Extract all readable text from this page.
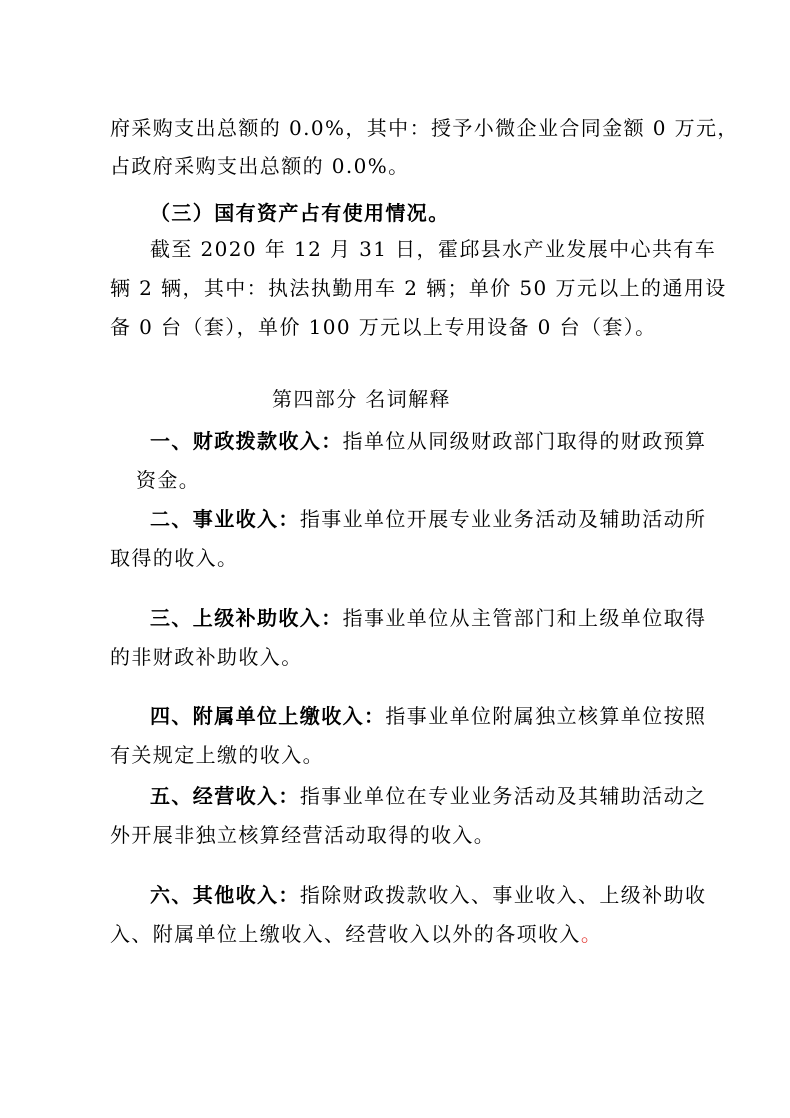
府采购支出总额的 0.0%，其中：授予小微企业合同金额 0 万元，
占政府采购支出总额的 0.0%。
（三）国有资产占有使用情况。
截至 2020 年 12 月 31 日，霍邱县水产业发展中心共有车
辆 2 辆，其中：执法执勤用车 2 辆；单价 50 万元以上的通用设
备 0 台（套），单价 100 万元以上专用设备 0 台（套）。
第四部分 名词解释
一、财政拨款收入：指单位从同级财政部门取得的财政预算
资金。
二、事业收入：指事业单位开展专业业务活动及辅助活动所
取得的收入。
三、上级补助收入：指事业单位从主管部门和上级单位取得
的非财政补助收入。
四、附属单位上缴收入：指事业单位附属独立核算单位按照
有关规定上缴的收入。
五、经营收入：指事业单位在专业业务活动及其辅助活动之
外开展非独立核算经营活动取得的收入。
六、其他收入：指除财政拨款收入、事业收入、上级补助收
入、附属单位上缴收入、经营收入以外的各项收入。
